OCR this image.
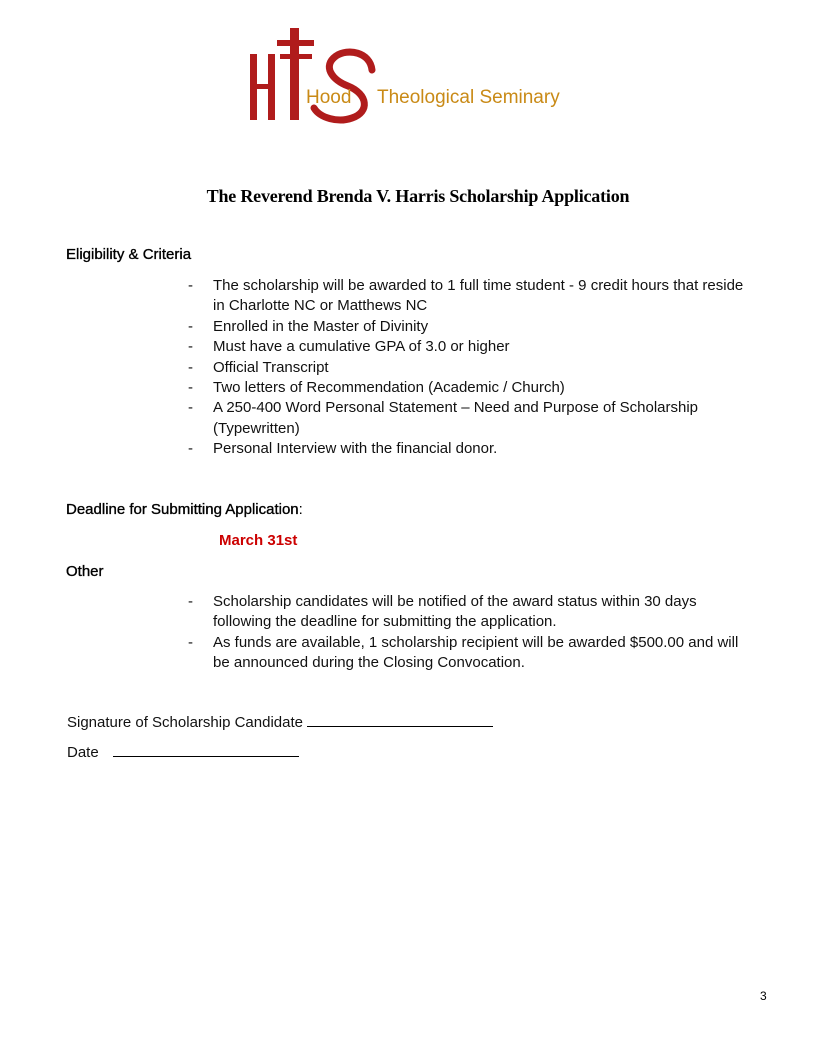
Hood Theological Seminary
The Reverend Brenda V. Harris Scholarship Application
Eligibility & Criteria
- The scholarship will be awarded to 1 full time student - 9 credit hours that reside in Charlotte NC or Matthews NC
- Enrolled in the Master of Divinity
- Must have a cumulative GPA of 3.0 or higher
- Official Transcript
- Two letters of Recommendation (Academic / Church)
- A 250-400 Word Personal Statement – Need and Purpose of Scholarship (Typewritten)
- Personal Interview with the financial donor.
Deadline for Submitting Application:
March 31st
Other
- Scholarship candidates will be notified of the award status within 30 days following the deadline for submitting the application.
- As funds are available, 1 scholarship recipient will be awarded $500.00 and will be announced during the Closing Convocation.
Signature of Scholarship Candidate
Date
3
